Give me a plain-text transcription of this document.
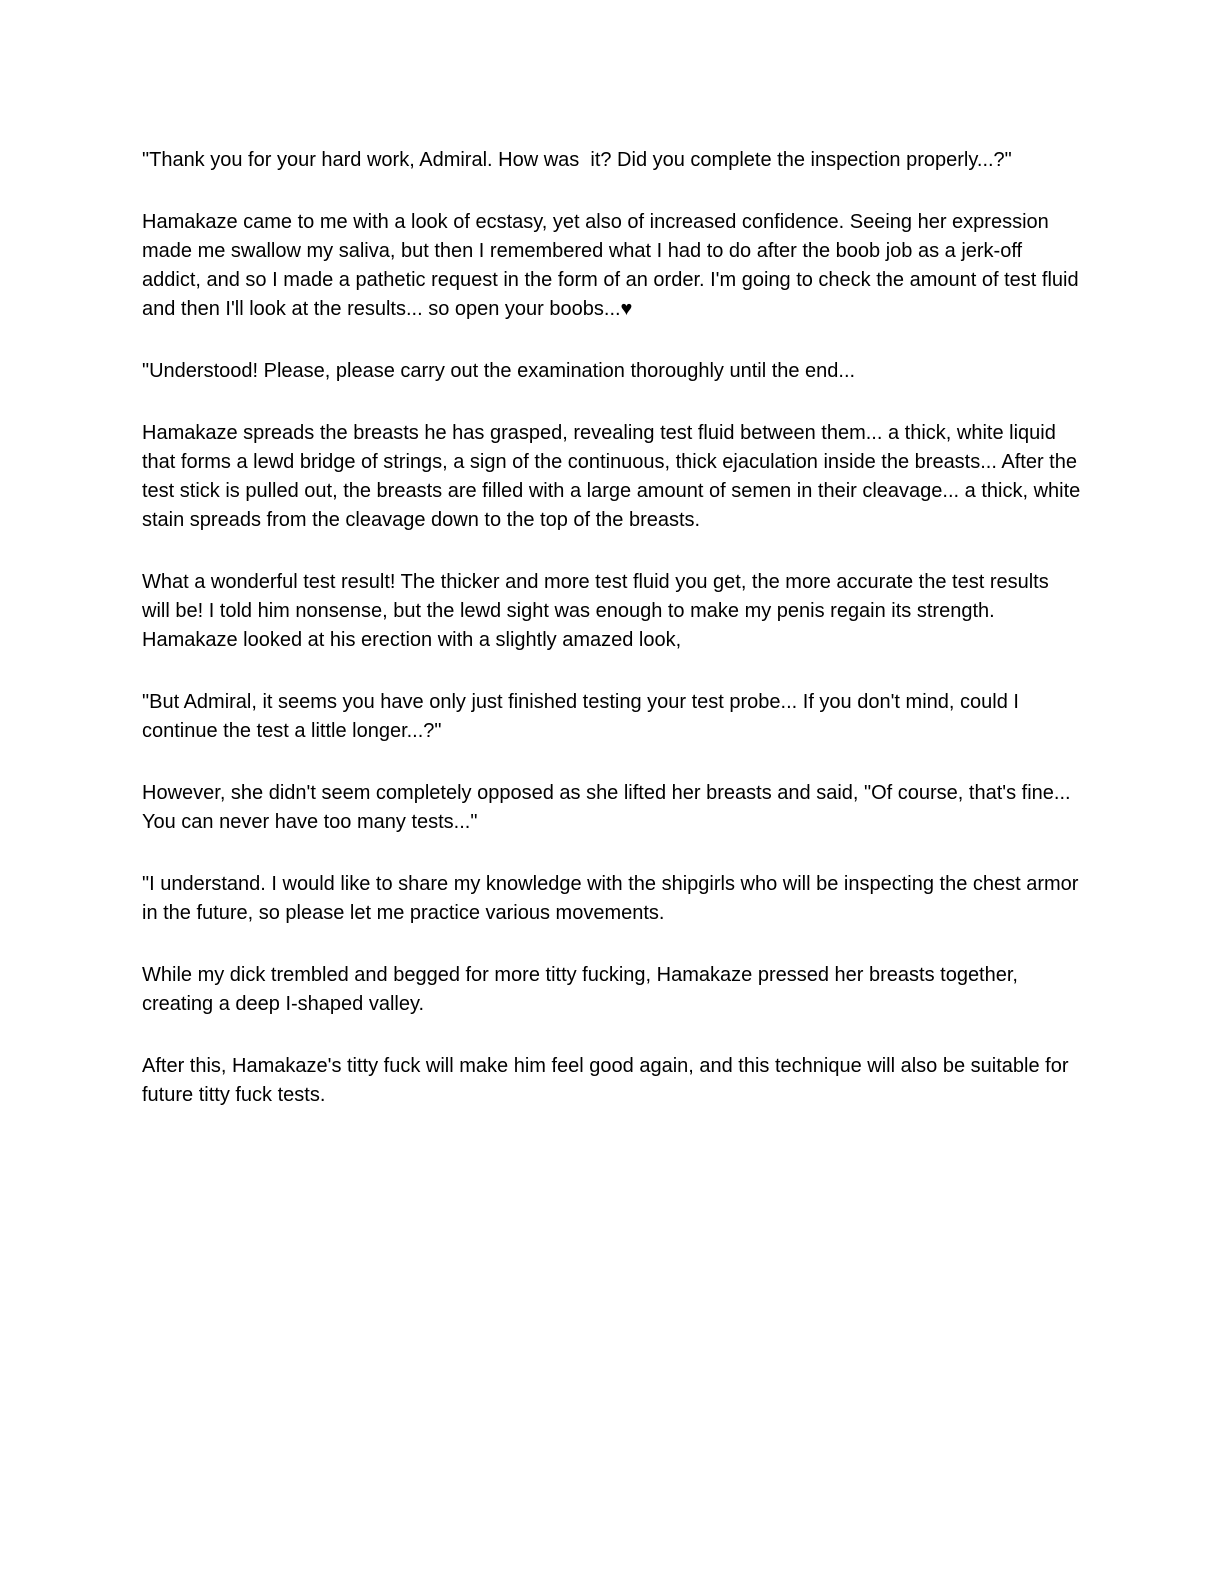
"Thank you for your hard work, Admiral. How was  it? Did you complete the inspection properly...?"

Hamakaze came to me with a look of ecstasy, yet also of increased confidence. Seeing her expression made me swallow my saliva, but then I remembered what I had to do after the boob job as a jerk-off addict, and so I made a pathetic request in the form of an order. I'm going to check the amount of test fluid and then I'll look at the results... so open your boobs...♥

"Understood! Please, please carry out the examination thoroughly until the end...

Hamakaze spreads the breasts he has grasped, revealing test fluid between them... a thick, white liquid that forms a lewd bridge of strings, a sign of the continuous, thick ejaculation inside the breasts... After the test stick is pulled out, the breasts are filled with a large amount of semen in their cleavage... a thick, white stain spreads from the cleavage down to the top of the breasts.

What a wonderful test result! The thicker and more test fluid you get, the more accurate the test results will be! I told him nonsense, but the lewd sight was enough to make my penis regain its strength. Hamakaze looked at his erection with a slightly amazed look,

"But Admiral, it seems you have only just finished testing your test probe... If you don't mind, could I continue the test a little longer...?"

However, she didn't seem completely opposed as she lifted her breasts and said, "Of course, that's fine... You can never have too many tests..."

"I understand. I would like to share my knowledge with the shipgirls who will be inspecting the chest armor in the future, so please let me practice various movements.

While my dick trembled and begged for more titty fucking, Hamakaze pressed her breasts together, creating a deep I-shaped valley.

After this, Hamakaze's titty fuck will make him feel good again, and this technique will also be suitable for future titty fuck tests.
